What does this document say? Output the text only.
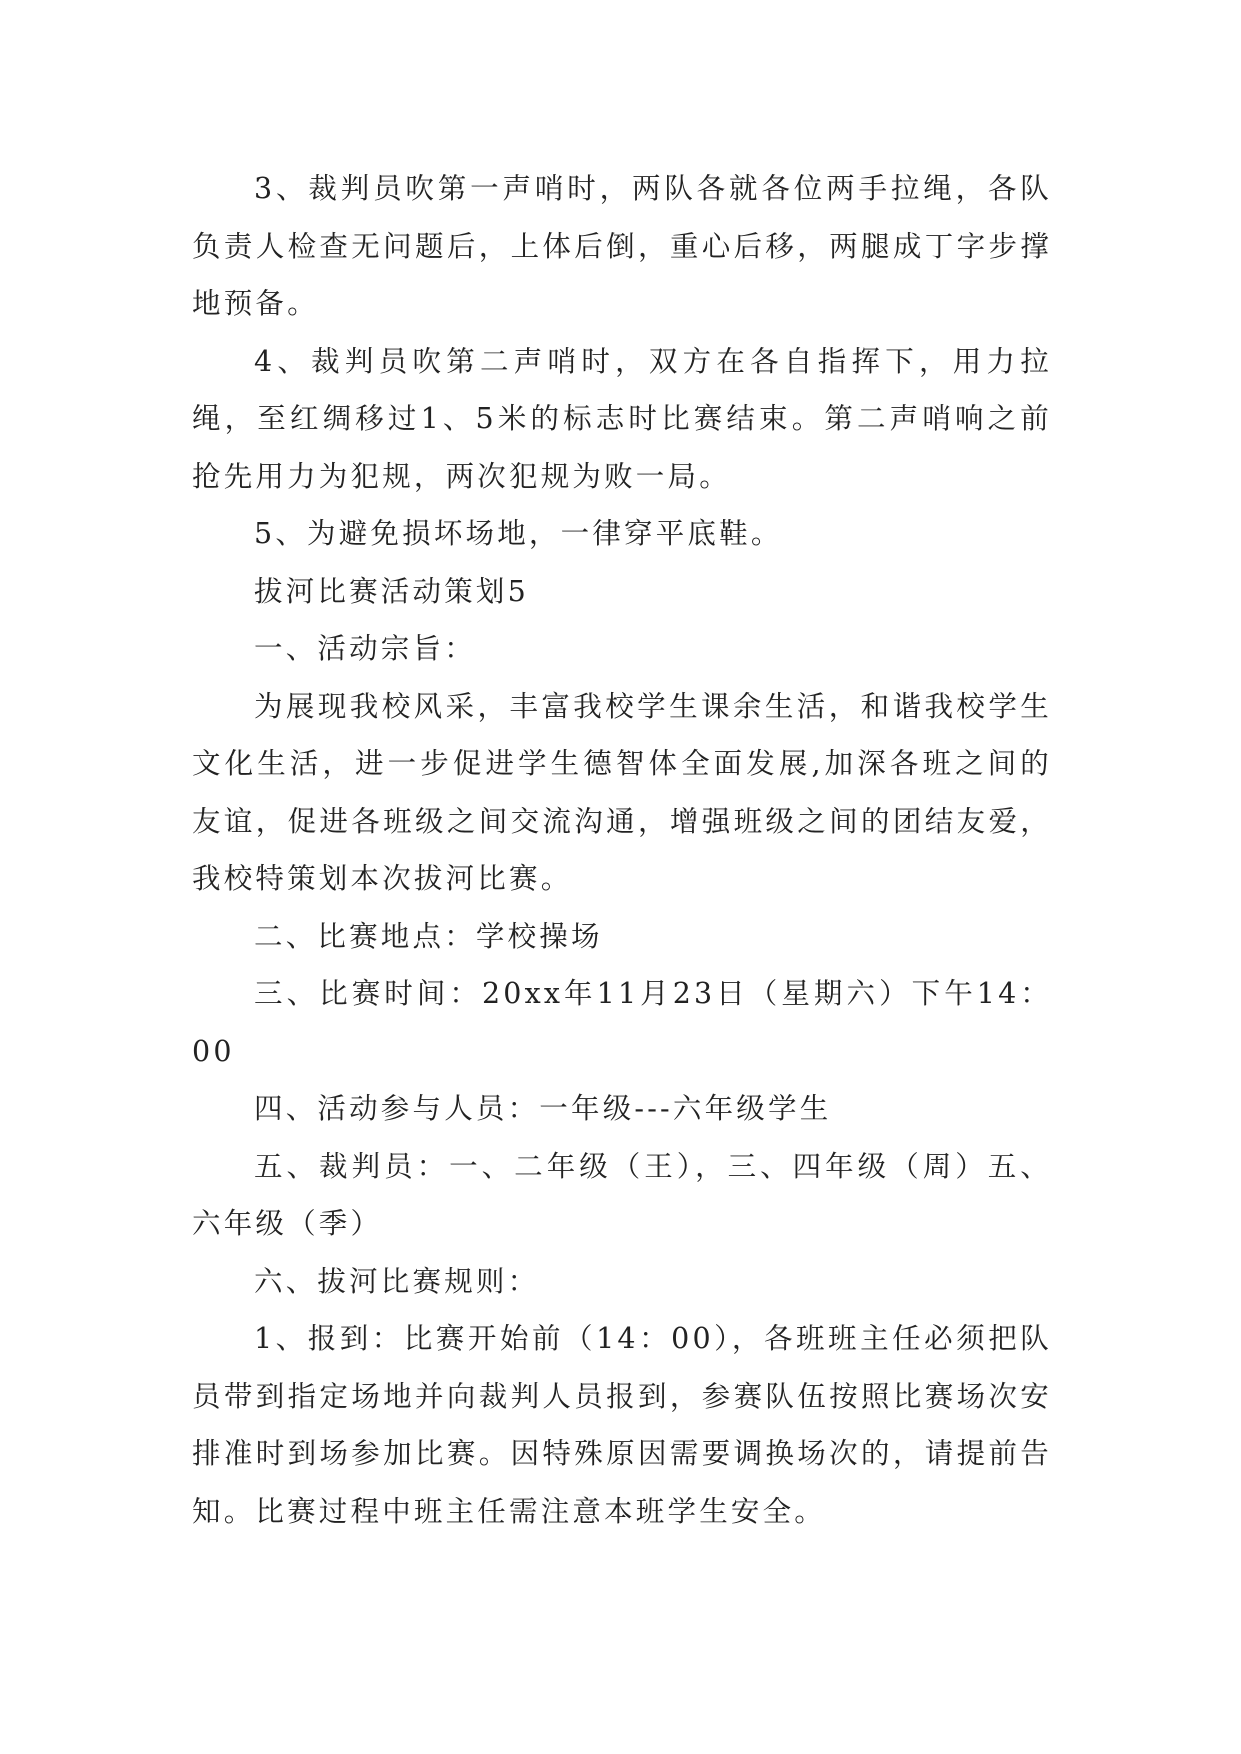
3、裁判员吹第一声哨时，两队各就各位两手拉绳，各队负责人检查无问题后，上体后倒，重心后移，两腿成丁字步撑地预备。

4、裁判员吹第二声哨时，双方在各自指挥下，用力拉绳，至红绸移过1、5米的标志时比赛结束。第二声哨响之前抢先用力为犯规，两次犯规为败一局。

5、为避免损坏场地，一律穿平底鞋。

拔河比赛活动策划5

一、活动宗旨：

为展现我校风采，丰富我校学生课余生活，和谐我校学生文化生活，进一步促进学生德智体全面发展,加深各班之间的友谊，促进各班级之间交流沟通，增强班级之间的团结友爱，我校特策划本次拔河比赛。

二、比赛地点：学校操场

三、比赛时间：20xx年11月23日（星期六）下午14：00

四、活动参与人员：一年级---六年级学生

五、裁判员：一、二年级（王），三、四年级（周）五、六年级（季）

六、拔河比赛规则：

1、报到：比赛开始前（14：00），各班班主任必须把队员带到指定场地并向裁判人员报到，参赛队伍按照比赛场次安排准时到场参加比赛。因特殊原因需要调换场次的，请提前告知。比赛过程中班主任需注意本班学生安全。
